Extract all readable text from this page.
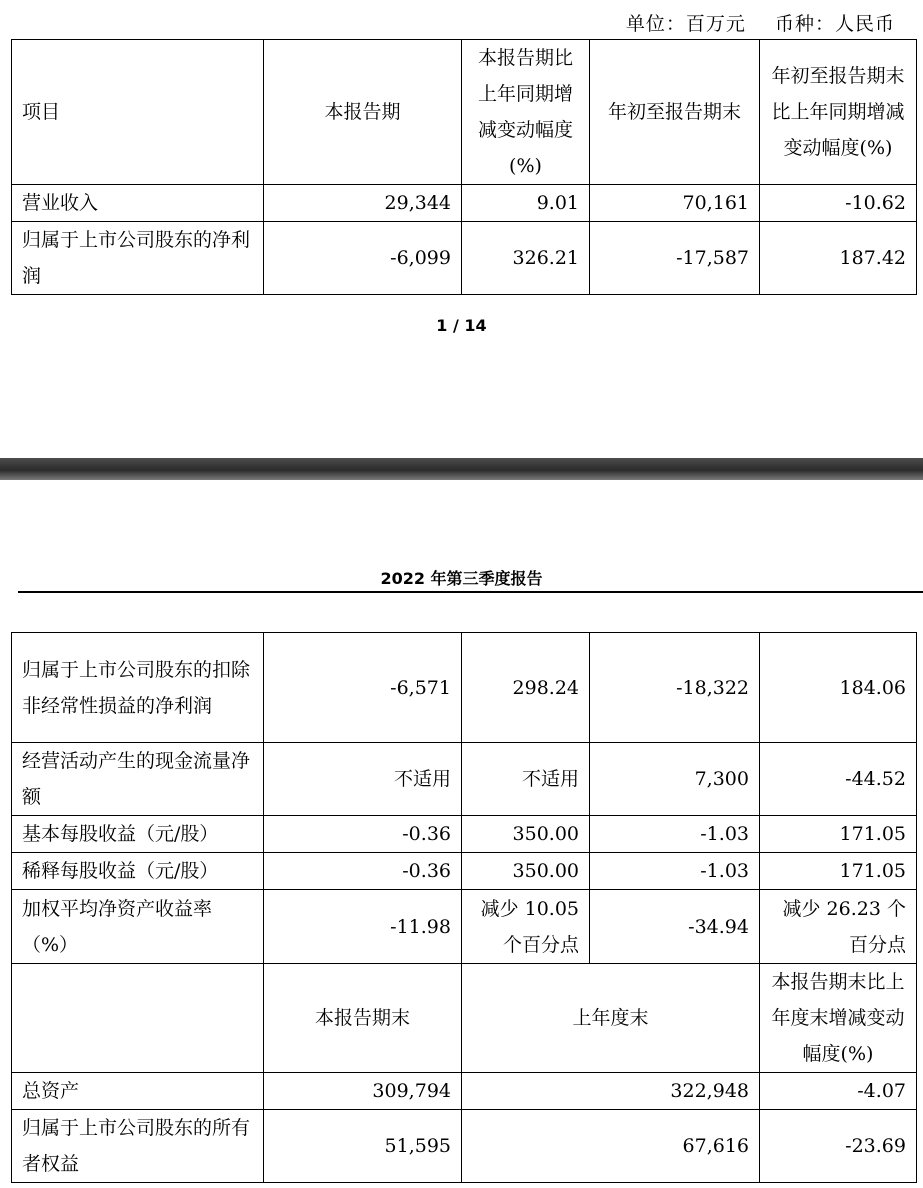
单位：百万元 币种：人民币
项目	本报告期	本报告期比上年同期增减变动幅度(%)	年初至报告期末	年初至报告期末比上年同期增减变动幅度(%)
营业收入	29,344	9.01	70,161	-10.62
归属于上市公司股东的净利润	-6,099	326.21	-17,587	187.42
1 / 14
2022 年第三季度报告
归属于上市公司股东的扣除非经常性损益的净利润	-6,571	298.24	-18,322	184.06
经营活动产生的现金流量净额	不适用	不适用	7,300	-44.52
基本每股收益（元/股）	-0.36	350.00	-1.03	171.05
稀释每股收益（元/股）	-0.36	350.00	-1.03	171.05
加权平均净资产收益率（%）	-11.98	减少 10.05 个百分点	-34.94	减少 26.23 个百分点
	本报告期末	上年度末		本报告期末比上年度末增减变动幅度(%)
总资产	309,794	322,948		-4.07
归属于上市公司股东的所有者权益	51,595	67,616		-23.69
